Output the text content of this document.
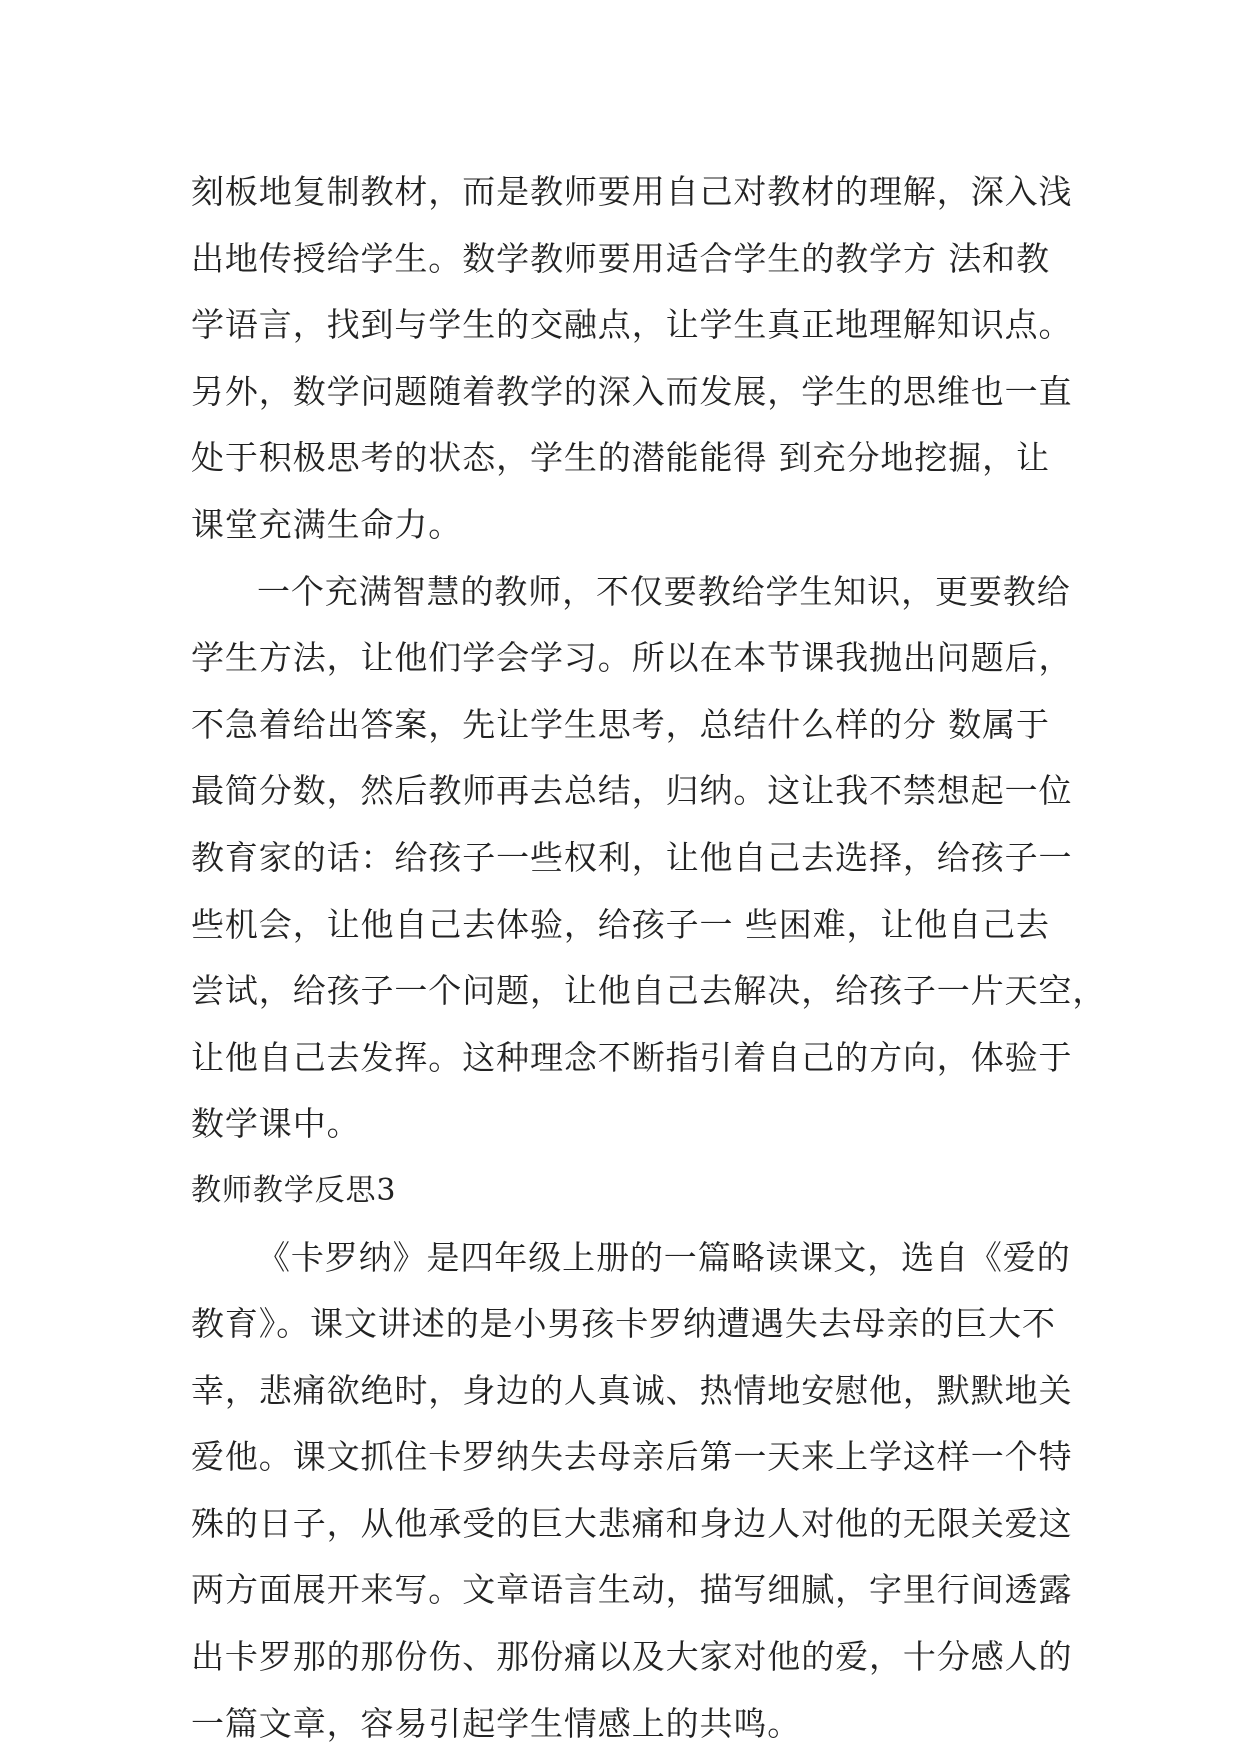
刻板地复制教材，而是教师要用自己对教材的理解，深入浅
出地传授给学生。数学教师要用适合学生的教学方 法和教
学语言，找到与学生的交融点，让学生真正地理解知识点。
另外，数学问题随着教学的深入而发展，学生的思维也一直
处于积极思考的状态，学生的潜能能得 到充分地挖掘，让
课堂充满生命力。
一个充满智慧的教师，不仅要教给学生知识，更要教给
学生方法，让他们学会学习。所以在本节课我抛出问题后，
不急着给出答案，先让学生思考，总结什么样的分 数属于
最简分数，然后教师再去总结，归纳。这让我不禁想起一位
教育家的话：给孩子一些权利，让他自己去选择，给孩子一
些机会，让他自己去体验，给孩子一 些困难，让他自己去
尝试，给孩子一个问题，让他自己去解决，给孩子一片天空，
让他自己去发挥。这种理念不断指引着自己的方向，体验于
数学课中。
教师教学反思3
《卡罗纳》是四年级上册的一篇略读课文，选自《爱的
教育》。课文讲述的是小男孩卡罗纳遭遇失去母亲的巨大不
幸，悲痛欲绝时，身边的人真诚、热情地安慰他，默默地关
爱他。课文抓住卡罗纳失去母亲后第一天来上学这样一个特
殊的日子，从他承受的巨大悲痛和身边人对他的无限关爱这
两方面展开来写。文章语言生动，描写细腻，字里行间透露
出卡罗那的那份伤、那份痛以及大家对他的爱，十分感人的
一篇文章，容易引起学生情感上的共鸣。
